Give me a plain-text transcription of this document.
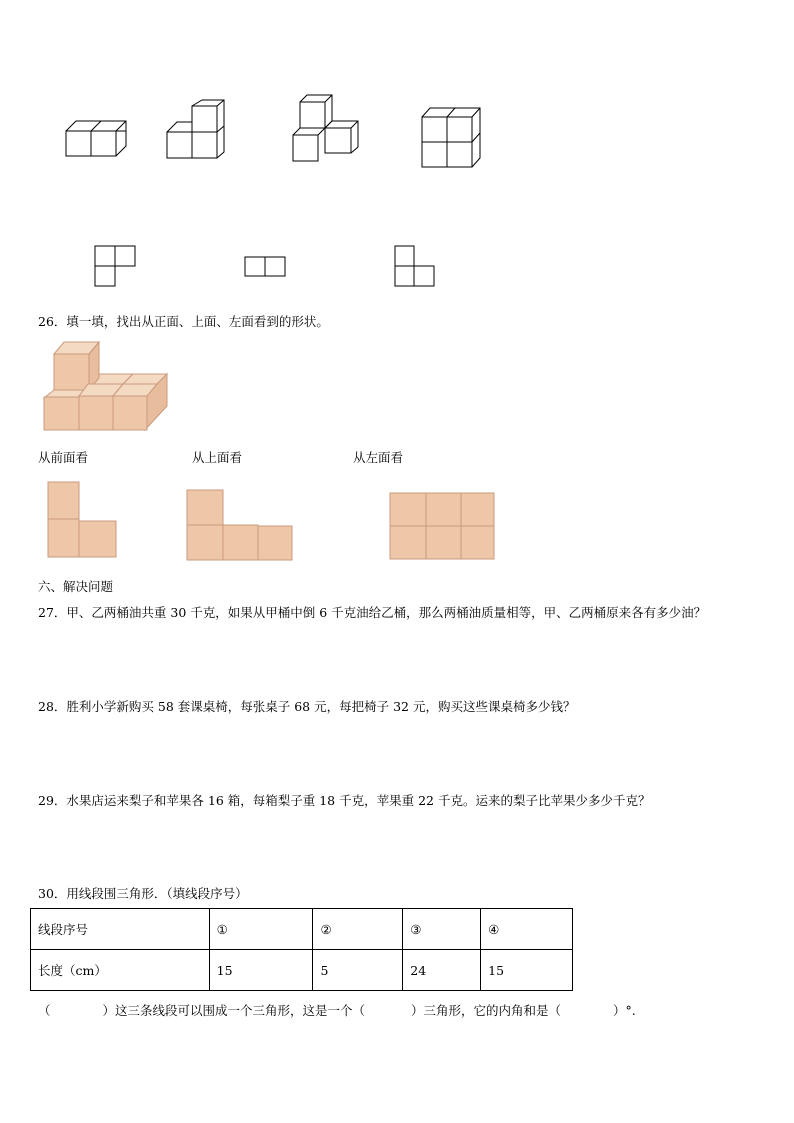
26．填一填，找出从正面、上面、左面看到的形状。
从前面看	从上面看	从左面看
六、解决问题
27．甲、乙两桶油共重 30 千克，如果从甲桶中倒 6 千克油给乙桶，那么两桶油质量相等，甲、乙两桶原来各有多少油？
28．胜利小学新购买 58 套课桌椅，每张桌子 68 元，每把椅子 32 元，购买这些课桌椅多少钱？
29．水果店运来梨子和苹果各 16 箱，每箱梨子重 18 千克，苹果重 22 千克。运来的梨子比苹果少多少千克？
30．用线段围三角形．（填线段序号）
线段序号	①	②	③	④
长度（cm）	15	5	24	15
（	）这三条线段可以围成一个三角形，这是一个（	）三角形，它的内角和是（	）°.
